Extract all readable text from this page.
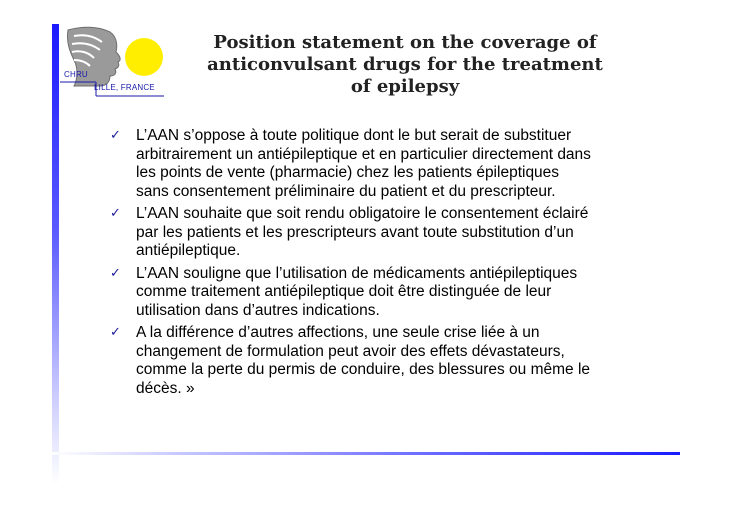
CHRU
LILLE, FRANCE
Position statement on the coverage of
anticonvulsant drugs for the treatment
of epilepsy
✓ L’AAN s’oppose à toute politique dont le but serait de substituer
arbitrairement un antiépileptique et en particulier directement dans
les points de vente (pharmacie) chez les patients épileptiques
sans consentement préliminaire du patient et du prescripteur.
✓ L’AAN souhaite que soit rendu obligatoire le consentement éclairé
par les patients et les prescripteurs avant toute substitution d’un
antiépileptique.
✓ L’AAN souligne que l’utilisation de médicaments antiépileptiques
comme traitement antiépileptique doit être distinguée de leur
utilisation dans d’autres indications.
✓ A la différence d’autres affections, une seule crise liée à un
changement de formulation peut avoir des effets dévastateurs,
comme la perte du permis de conduire, des blessures ou même le
décès. »
